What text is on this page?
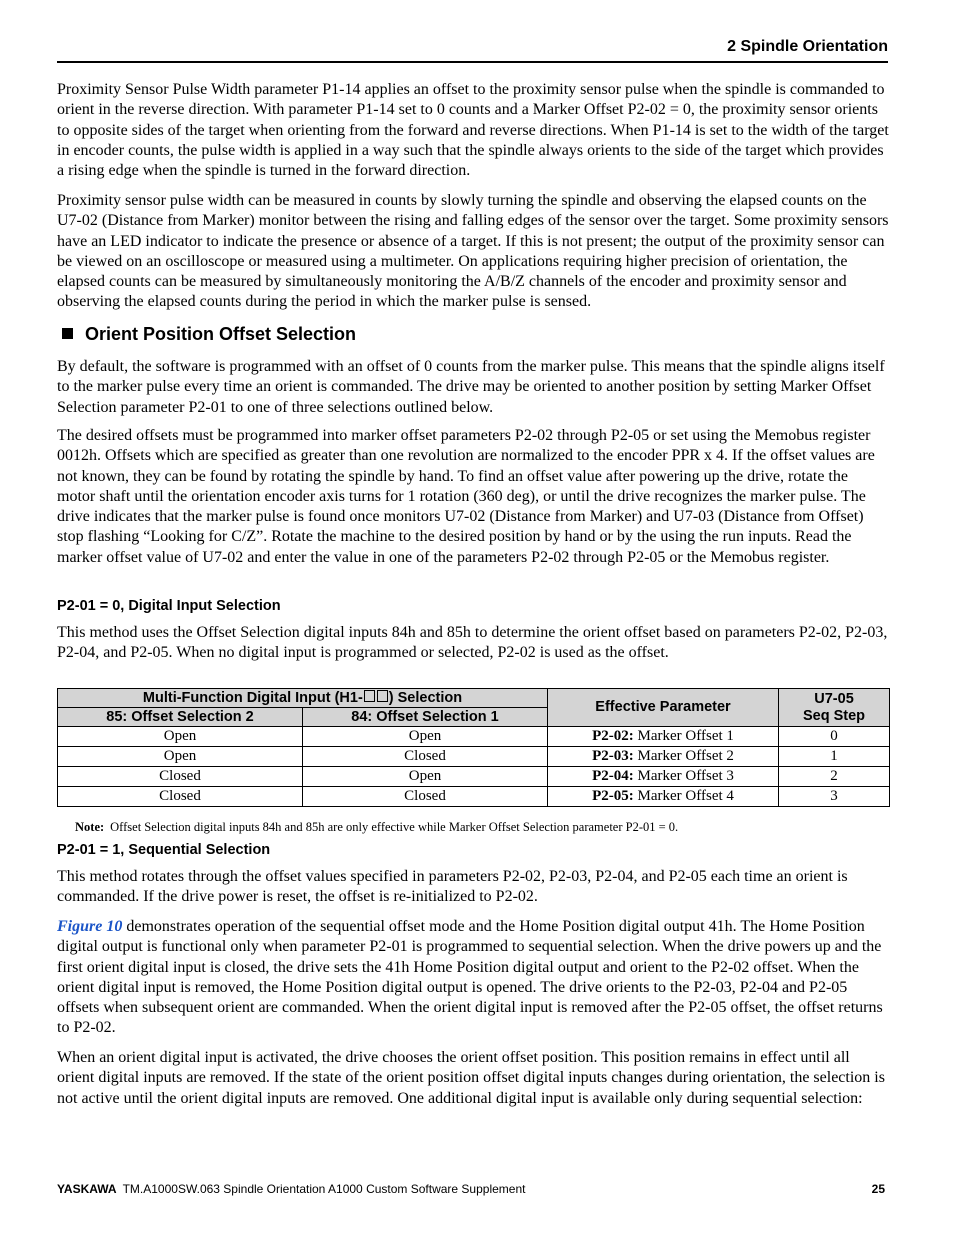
2 Spindle Orientation

Proximity Sensor Pulse Width parameter P1-14 applies an offset to the proximity sensor pulse when the spindle is commanded to orient in the reverse direction. With parameter P1-14 set to 0 counts and a Marker Offset P2-02 = 0, the proximity sensor orients to opposite sides of the target when orienting from the forward and reverse directions. When P1-14 is set to the width of the target in encoder counts, the pulse width is applied in a way such that the spindle always orients to the side of the target which provides a rising edge when the spindle is turned in the forward direction.

Proximity sensor pulse width can be measured in counts by slowly turning the spindle and observing the elapsed counts on the U7-02 (Distance from Marker) monitor between the rising and falling edges of the sensor over the target. Some proximity sensors have an LED indicator to indicate the presence or absence of a target. If this is not present; the output of the proximity sensor can be viewed on an oscilloscope or measured using a multimeter. On applications requiring higher precision of orientation, the elapsed counts can be measured by simultaneously monitoring the A/B/Z channels of the encoder and proximity sensor and observing the elapsed counts during the period in which the marker pulse is sensed.

Orient Position Offset Selection

By default, the software is programmed with an offset of 0 counts from the marker pulse. This means that the spindle aligns itself to the marker pulse every time an orient is commanded. The drive may be oriented to another position by setting Marker Offset Selection parameter P2-01 to one of three selections outlined below.

The desired offsets must be programmed into marker offset parameters P2-02 through P2-05 or set using the Memobus register 0012h. Offsets which are specified as greater than one revolution are normalized to the encoder PPR x 4. If the offset values are not known, they can be found by rotating the spindle by hand. To find an offset value after powering up the drive, rotate the motor shaft until the orientation encoder axis turns for 1 rotation (360 deg), or until the drive recognizes the marker pulse. The drive indicates that the marker pulse is found once monitors U7-02 (Distance from Marker) and U7-03 (Distance from Offset) stop flashing “Looking for C/Z”. Rotate the machine to the desired position by hand or by the using the run inputs. Read the marker offset value of U7-02 and enter the value in one of the parameters P2-02 through P2-05 or the Memobus register.

P2-01 = 0, Digital Input Selection

This method uses the Offset Selection digital inputs 84h and 85h to determine the orient offset based on parameters P2-02, P2-03, P2-04, and P2-05. When no digital input is programmed or selected, P2-02 is used as the offset.

Multi-Function Digital Input (H1- ) Selection		Effective Parameter	U7-05
Seq Step
85: Offset Selection 2	84: Offset Selection 1		
Open	Open	P2-02: Marker Offset 1	0
Open	Closed	P2-03: Marker Offset 2	1
Closed	Open	P2-04: Marker Offset 3	2
Closed	Closed	P2-05: Marker Offset 4	3
Note: Offset Selection digital inputs 84h and 85h are only effective while Marker Offset Selection parameter P2-01 = 0.
P2-01 = 1, Sequential Selection

This method rotates through the offset values specified in parameters P2-02, P2-03, P2-04, and P2-05 each time an orient is commanded. If the drive power is reset, the offset is re-initialized to P2-02.

Figure 10 demonstrates operation of the sequential offset mode and the Home Position digital output 41h. The Home Position digital output is functional only when parameter P2-01 is programmed to sequential selection. When the drive powers up and the first orient digital input is closed, the drive sets the 41h Home Position digital output and orient to the P2-02 offset. When the orient digital input is removed, the Home Position digital output is opened. The drive orients to the P2-03, P2-04 and P2-05 offsets when subsequent orient are commanded. When the orient digital input is removed after the P2-05 offset, the offset returns to P2-02.

When an orient digital input is activated, the drive chooses the orient offset position. This position remains in effect until all orient digital inputs are removed. If the state of the orient position offset digital inputs changes during orientation, the selection is not active until the orient digital inputs are removed. One additional digital input is available only during sequential selection:

YASKAWA TM.A1000SW.063 Spindle Orientation A1000 Custom Software Supplement	25
